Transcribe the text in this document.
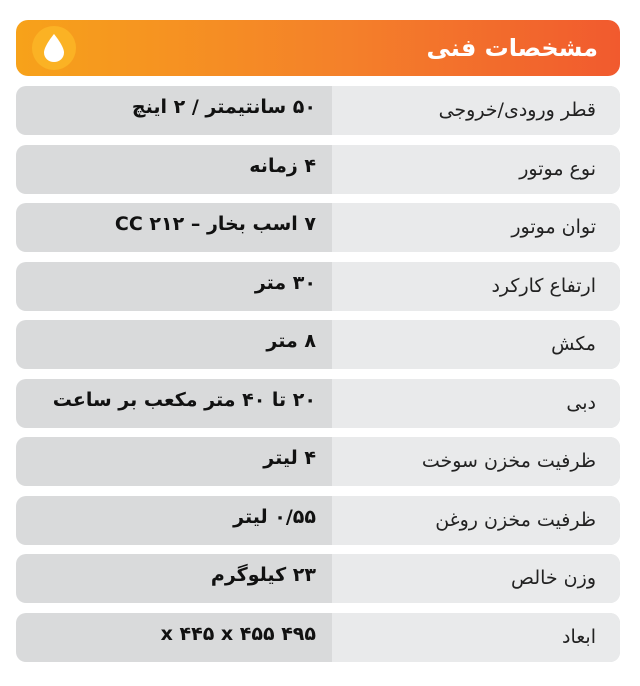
مشخصات فنی
قطر ورودی/خروجی
۵۰ سانتیمتر / ۲ اینچ
نوع موتور
۴ زمانه
توان موتور
۷ اسب بخار – CC ۲۱۲
ارتفاع کارکرد
۳۰ متر
مکش
۸ متر
دبی
۲۰ تا ۴۰ متر مکعب بر ساعت
ظرفیت مخزن سوخت
۴ لیتر
ظرفیت مخزن روغن
۰/۵۵ لیتر
وزن خالص
۲۳ کیلوگرم
ابعاد
۴۹۵ x ۴۴۵ x ۴۵۵
